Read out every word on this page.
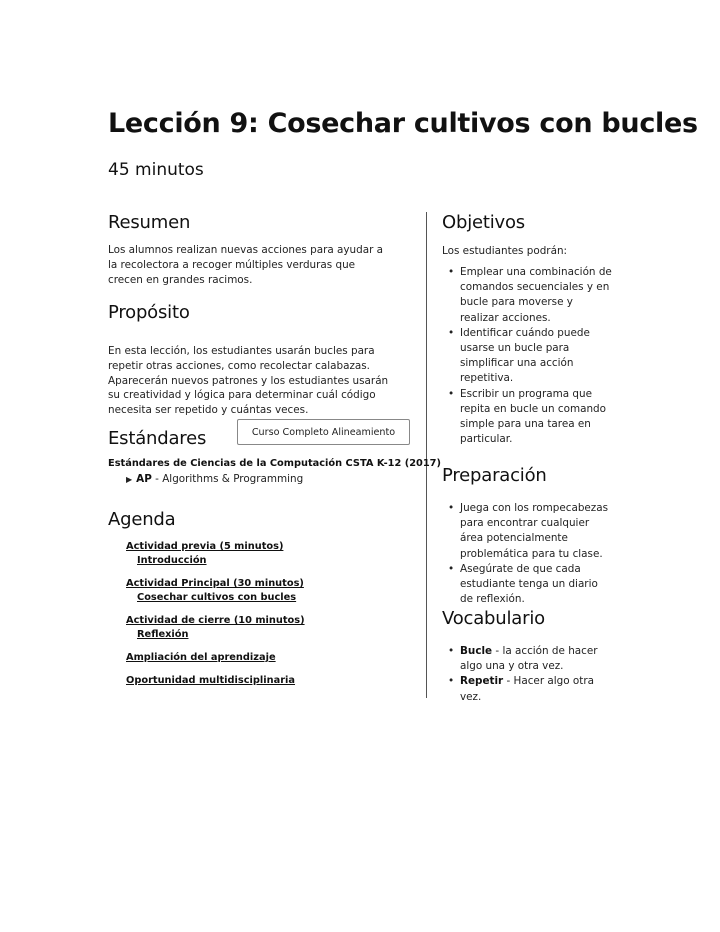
Lección 9: Cosechar cultivos con bucles
45 minutos
Resumen

Los alumnos realizan nuevas acciones para ayudar a la recolectora a recoger múltiples verduras que crecen en grandes racimos.

Propósito

En esta lección, los estudiantes usarán bucles para repetir otras acciones, como recolectar calabazas. Aparecerán nuevos patrones y los estudiantes usarán su creatividad y lógica para determinar cuál código necesita ser repetido y cuántas veces.

Estándares	Curso Completo Alineamiento
Estándares de Ciencias de la Computación CSTA K-12 (2017)
▶ AP - Algorithms & Programming
Agenda
Actividad previa (5 minutos)
Introducción
Actividad Principal (30 minutos)
Cosechar cultivos con bucles
Actividad de cierre (10 minutos)
Reflexión
Ampliación del aprendizaje
Oportunidad multidisciplinaria
Objetivos
Los estudiantes podrán:
• Emplear una combinación de comandos secuenciales y en bucle para moverse y realizar acciones.
• Identificar cuándo puede usarse un bucle para simplificar una acción repetitiva.
• Escribir un programa que repita en bucle un comando simple para una tarea en particular.
Preparación
• Juega con los rompecabezas para encontrar cualquier área potencialmente problemática para tu clase.
• Asegúrate de que cada estudiante tenga un diario de reflexión.
Vocabulario
• Bucle - la acción de hacer algo una y otra vez.
• Repetir - Hacer algo otra vez.
